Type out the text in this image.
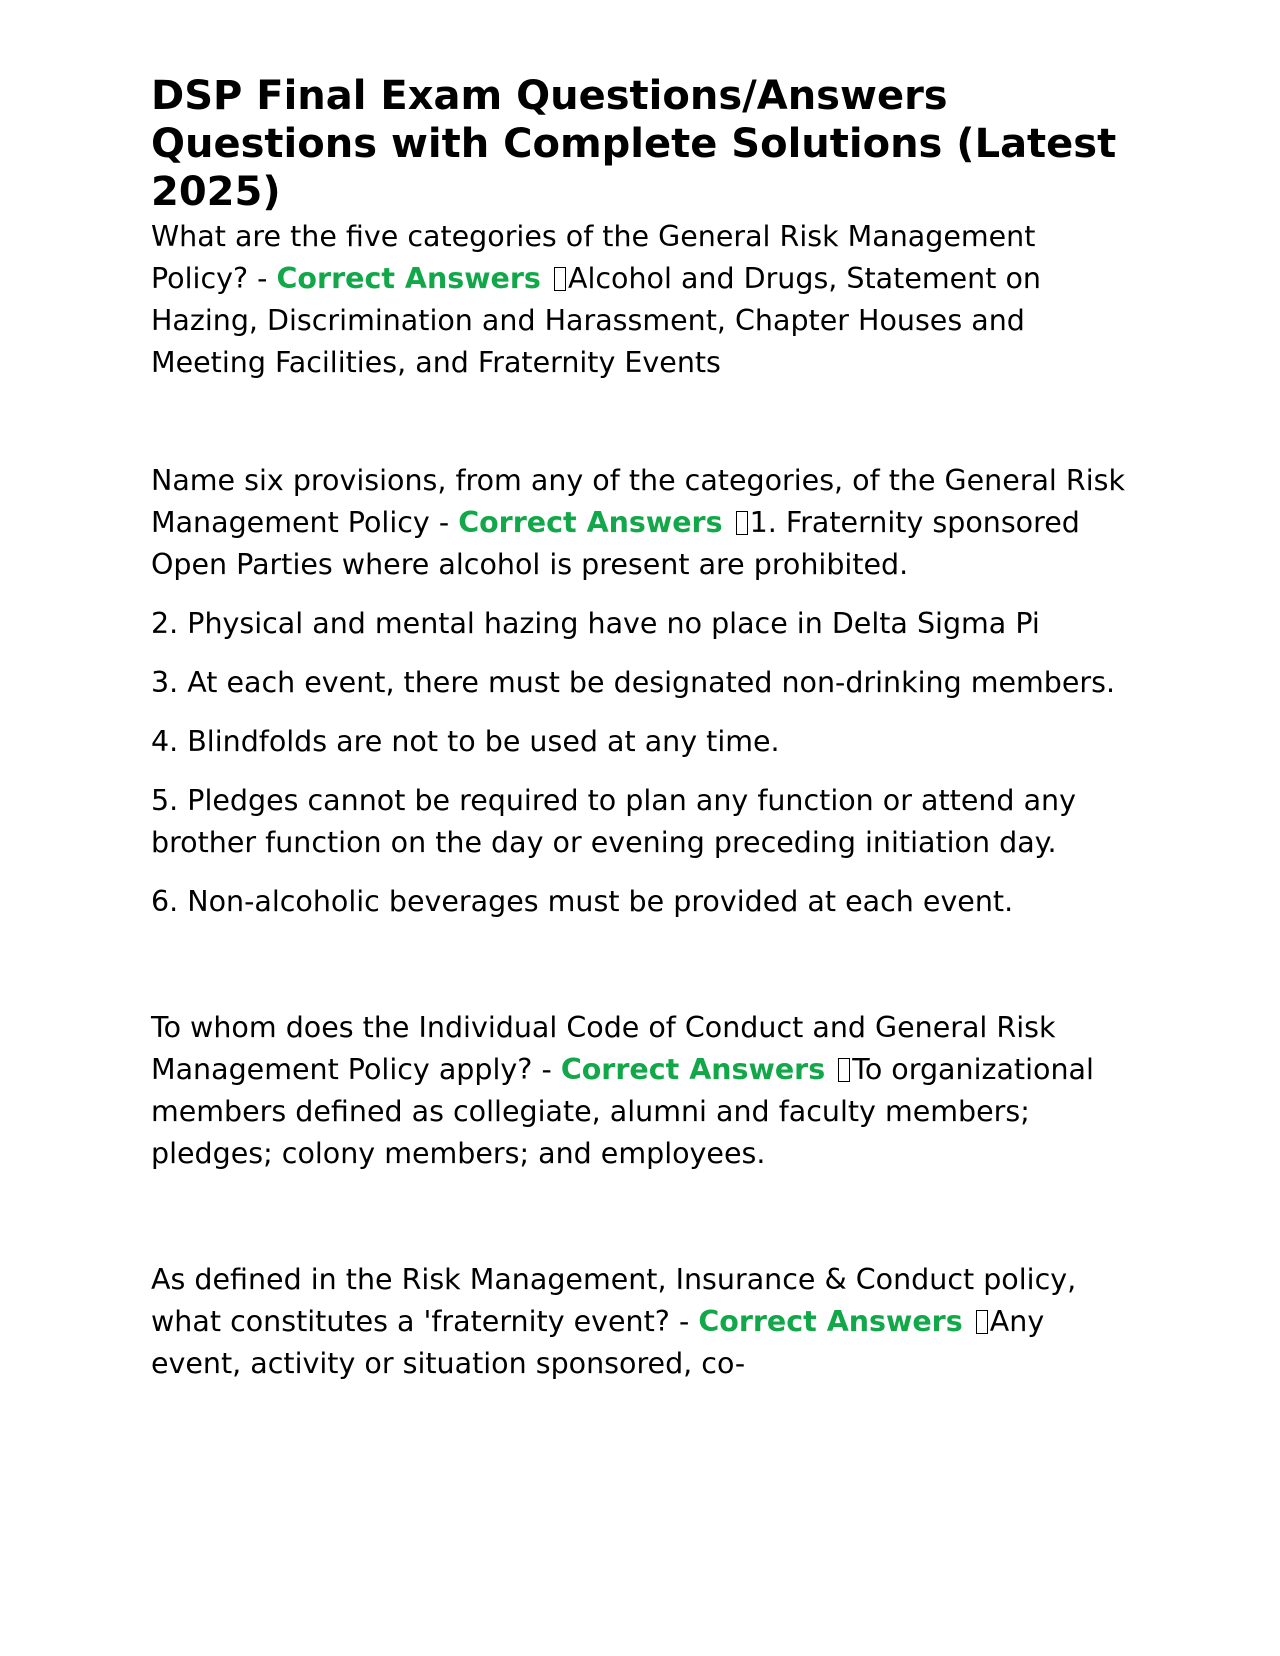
DSP Final Exam Questions/Answers Questions with Complete Solutions (Latest 2025)

What are the five categories of the General Risk Management Policy? - Correct Answers Alcohol and Drugs, Statement on Hazing, Discrimination and Harassment, Chapter Houses and Meeting Facilities, and Fraternity Events

Name six provisions, from any of the categories, of the General Risk Management Policy - Correct Answers 1. Fraternity sponsored Open Parties where alcohol is present are prohibited.

2. Physical and mental hazing have no place in Delta Sigma Pi

3. At each event, there must be designated non-drinking members.

4. Blindfolds are not to be used at any time.

5. Pledges cannot be required to plan any function or attend any brother function on the day or evening preceding initiation day.

6. Non-alcoholic beverages must be provided at each event.

To whom does the Individual Code of Conduct and General Risk Management Policy apply? - Correct Answers To organizational members defined as collegiate, alumni and faculty members; pledges; colony members; and employees.

As defined in the Risk Management, Insurance & Conduct policy, what constitutes a 'fraternity event? - Correct Answers Any event, activity or situation sponsored, co-
